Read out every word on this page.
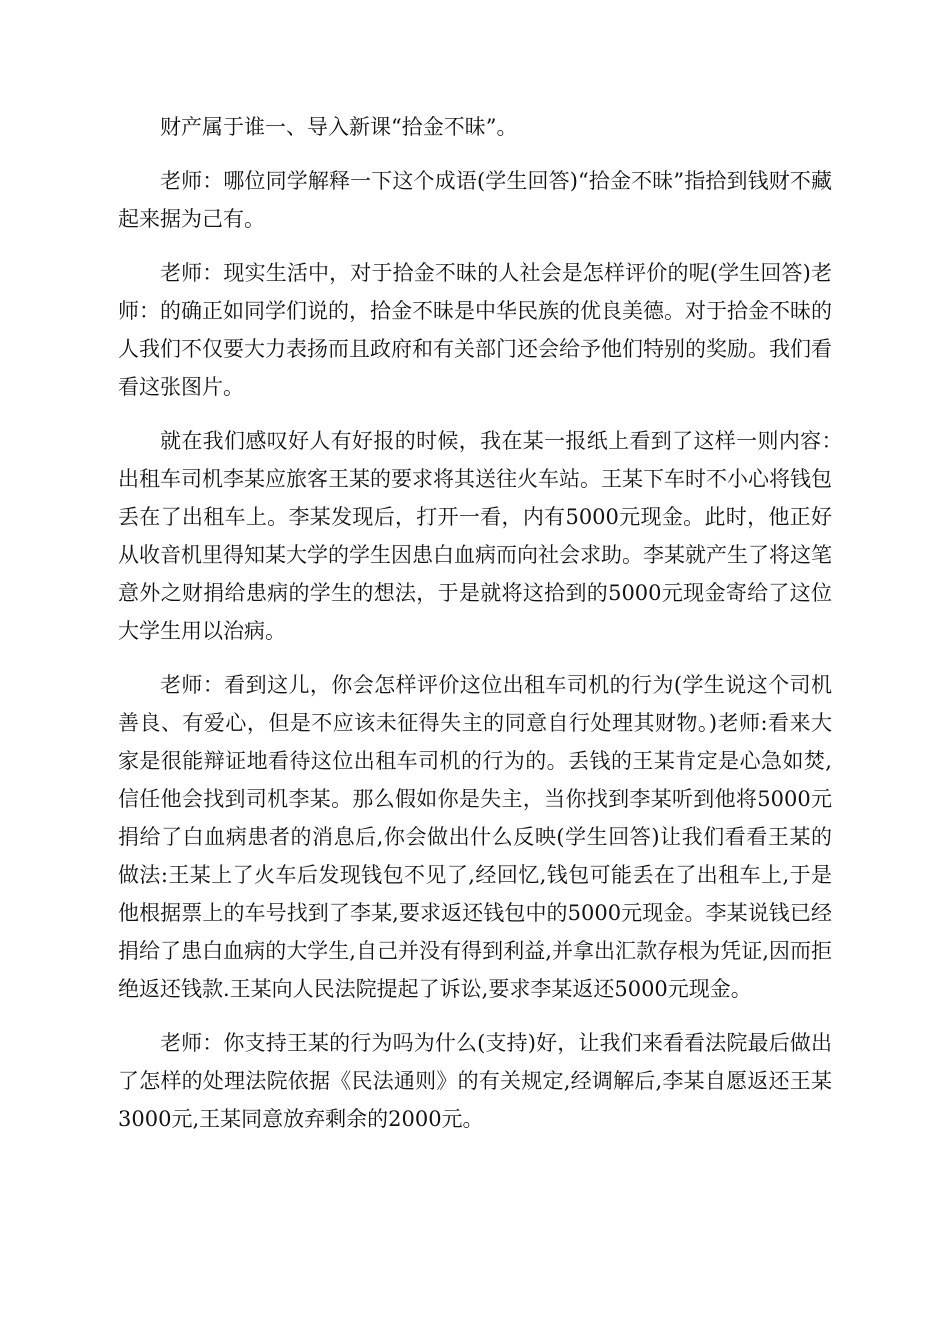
财产属于谁一、导入新课“拾金不昧”。

老师：哪位同学解释一下这个成语(学生回答)“拾金不昧”指拾到钱财不藏起来据为己有。

老师：现实生活中，对于拾金不昧的人社会是怎样评价的呢(学生回答)老师：的确正如同学们说的，拾金不昧是中华民族的优良美德。对于拾金不昧的人我们不仅要大力表扬而且政府和有关部门还会给予他们特别的奖励。我们看看这张图片。

就在我们感叹好人有好报的时候，我在某一报纸上看到了这样一则内容：　出租车司机李某应旅客王某的要求将其送往火车站。王某下车时不小心将钱包丢在了出租车上。李某发现后，打开一看，内有5000元现金。此时，他正好从收音机里得知某大学的学生因患白血病而向社会求助。李某就产生了将这笔意外之财捐给患病的学生的想法，于是就将这拾到的5000元现金寄给了这位大学生用以治病。

老师：看到这儿，你会怎样评价这位出租车司机的行为(学生说这个司机善良、有爱心，但是不应该未征得失主的同意自行处理其财物。)老师:看来大家是很能辩证地看待这位出租车司机的行为的。丢钱的王某肯定是心急如焚,信任他会找到司机李某。那么假如你是失主，当你找到李某听到他将5000元捐给了白血病患者的消息后,你会做出什么反映(学生回答)让我们看看王某的做法:王某上了火车后发现钱包不见了,经回忆,钱包可能丢在了出租车上,于是他根据票上的车号找到了李某,要求返还钱包中的5000元现金。李某说钱已经捐给了患白血病的大学生,自己并没有得到利益,并拿出汇款存根为凭证,因而拒绝返还钱款.王某向人民法院提起了诉讼,要求李某返还5000元现金。

老师：你支持王某的行为吗为什么(支持)好，让我们来看看法院最后做出了怎样的处理法院依据《民法通则》的有关规定,经调解后,李某自愿返还王某3000元,王某同意放弃剩余的2000元。
